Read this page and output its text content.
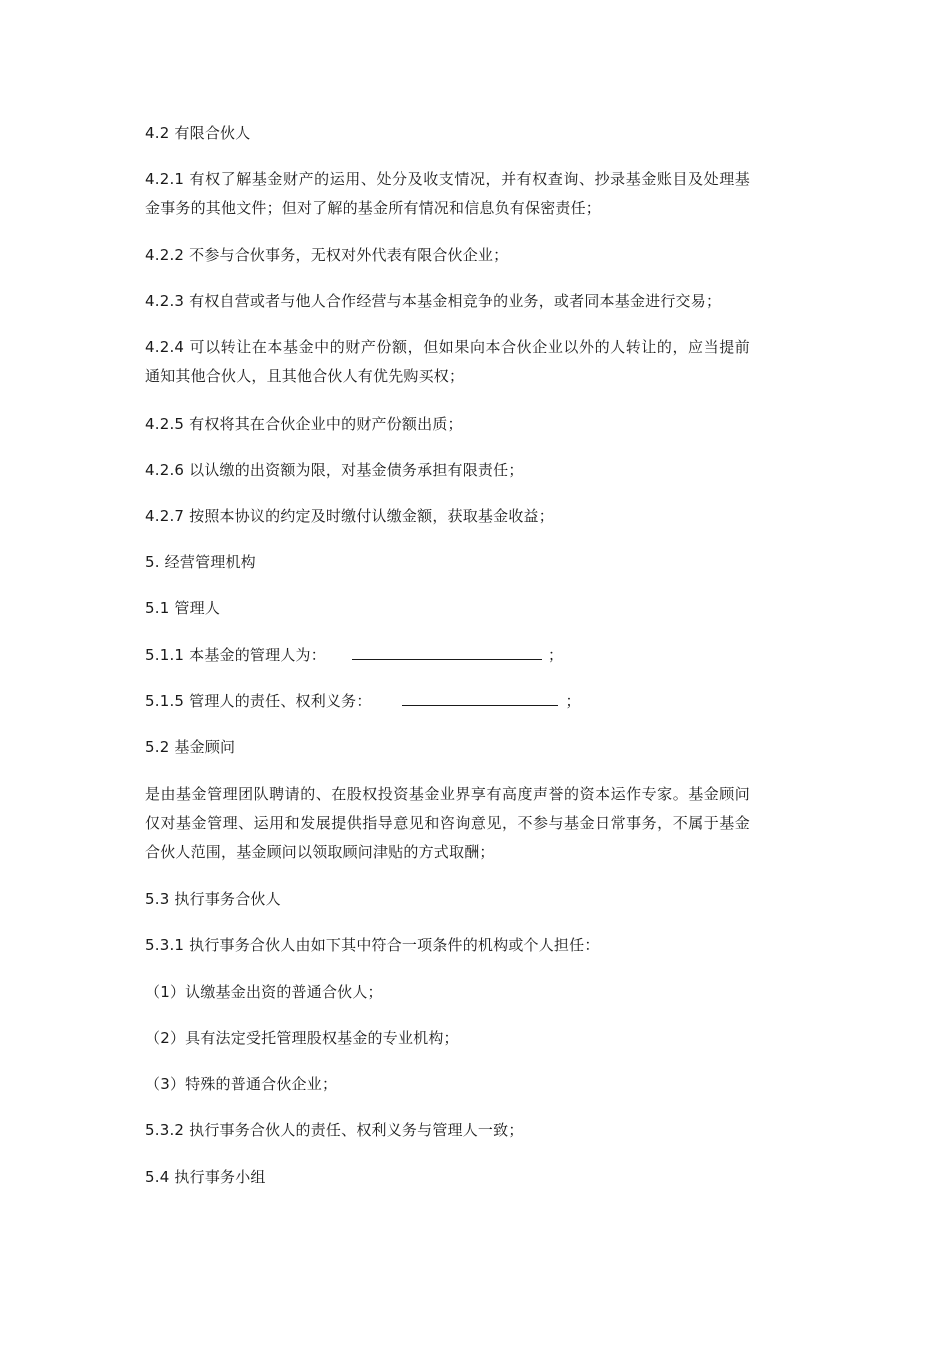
4.2 有限合伙人
4.2.1 有权了解基金财产的运用、处分及收支情况，并有权查询、抄录基金账目及处理基金事务的其他文件；但对了解的基金所有情况和信息负有保密责任；
4.2.2 不参与合伙事务，无权对外代表有限合伙企业；
4.2.3 有权自营或者与他人合作经营与本基金相竞争的业务，或者同本基金进行交易；
4.2.4 可以转让在本基金中的财产份额，但如果向本合伙企业以外的人转让的，应当提前通知其他合伙人，且其他合伙人有优先购买权；
4.2.5 有权将其在合伙企业中的财产份额出质；
4.2.6 以认缴的出资额为限，对基金债务承担有限责任；
4.2.7 按照本协议的约定及时缴付认缴金额，获取基金收益；
5. 经营管理机构
5.1 管理人
5.1.1 本基金的管理人为：	；
5.1.5 管理人的责任、权利义务：	；
5.2 基金顾问
是由基金管理团队聘请的、在股权投资基金业界享有高度声誉的资本运作专家。基金顾问仅对基金管理、运用和发展提供指导意见和咨询意见，不参与基金日常事务，不属于基金合伙人范围，基金顾问以领取顾问津贴的方式取酬；
5.3 执行事务合伙人
5.3.1 执行事务合伙人由如下其中符合一项条件的机构或个人担任：
（1）认缴基金出资的普通合伙人；
（2）具有法定受托管理股权基金的专业机构；
（3）特殊的普通合伙企业；
5.3.2 执行事务合伙人的责任、权利义务与管理人一致；
5.4 执行事务小组
